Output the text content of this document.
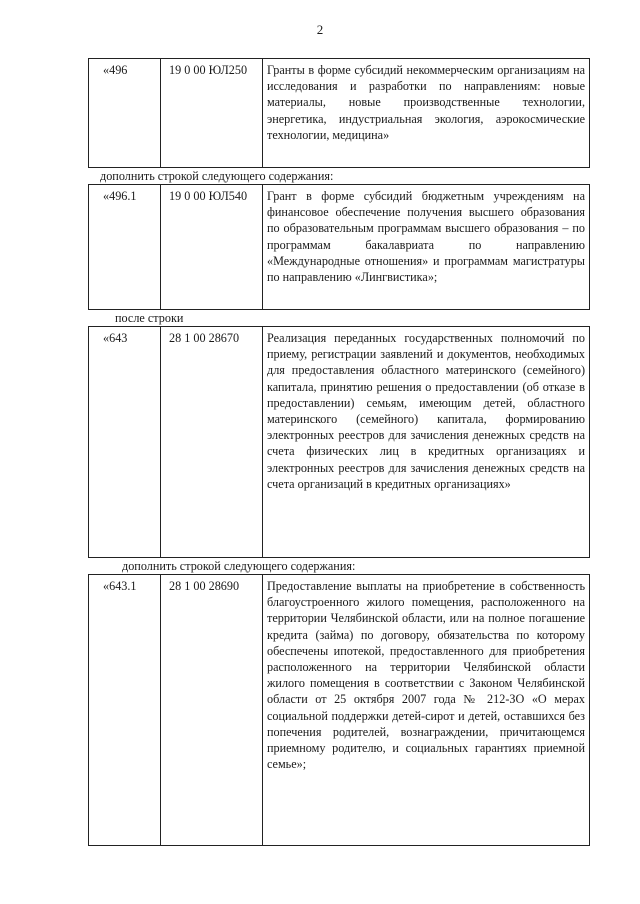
2
«496	19 0 00 ЮЛ250	Гранты в форме субсидий некоммерческим организациям на исследования и разработки по направлениям: новые материалы, новые производственные технологии, энергетика, индустриальная экология, аэрокосмические технологии, медицина»
дополнить строкой следующего содержания:
«496.1	19 0 00 ЮЛ540	Грант в форме субсидий бюджетным учреждениям на финансовое обеспечение получения высшего образования по образовательным программам высшего образования – по программам бакалавриата по направлению «Международные отношения» и программам магистратуры по направлению «Лингвистика»;
после строки
«643	28 1 00 28670	Реализация переданных государственных полномочий по приему, регистрации заявлений и документов, необходимых для предоставления областного материнского (семейного) капитала, принятию решения о предоставлении (об отказе в предоставлении) семьям, имеющим детей, областного материнского (семейного) капитала, формированию электронных реестров для зачисления денежных средств на счета физических лиц в кредитных организациях и электронных реестров для зачисления денежных средств на счета организаций в кредитных организациях»
дополнить строкой следующего содержания:
«643.1	28 1 00 28690	Предоставление выплаты на приобретение в собственность благоустроенного жилого помещения, расположенного на территории Челябинской области, или на полное погашение кредита (займа) по договору, обязательства по которому обеспечены ипотекой, предоставленного для приобретения расположенного на территории Челябинской области жилого помещения в соответствии с Законом Челябинской области от 25 октября 2007 года № 212-ЗО «О мерах социальной поддержки детей-сирот и детей, оставшихся без попечения родителей, вознаграждении, причитающемся приемному родителю, и социальных гарантиях приемной семье»;
